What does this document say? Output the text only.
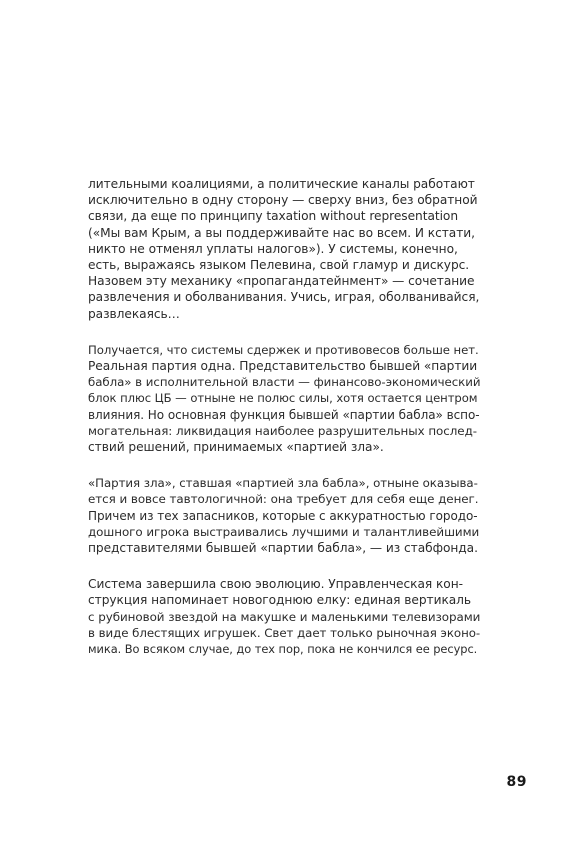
лительными коалициями, а политические каналы работают
исключительно в одну сторону — сверху вниз, без обратной
связи, да еще по принципу taxation without representation
(«Мы вам Крым, а вы поддерживайте нас во всем. И кстати,
никто не отменял уплаты налогов»). У системы, конечно,
есть, выражаясь языком Пелевина, свой гламур и дискурс.
Назовем эту механику «пропагандатейнмент» — сочетание
развлечения и оболванивания. Учись, играя, оболванивайся,
развлекаясь…

Получается, что системы сдержек и противовесов больше нет.
Реальная партия одна. Представительство бывшей «партии
бабла» в исполнительной власти — финансово-экономический
блок плюс ЦБ — отныне не полюс силы, хотя остается центром
влияния. Но основная функция бывшей «партии бабла» вспо-
могательная: ликвидация наиболее разрушительных послед-
ствий решений, принимаемых «партией зла».

«Партия зла», ставшая «партией зла бабла», отныне оказыва-
ется и вовсе тавтологичной: она требует для себя еще денег.
Причем из тех запасников, которые с аккуратностью городо-
дошного игрока выстраивались лучшими и талантливейшими
представителями бывшей «партии бабла», — из стабфонда.

Система завершила свою эволюцию. Управленческая кон-
струкция напоминает новогоднюю елку: единая вертикаль
с рубиновой звездой на макушке и маленькими телевизорами
в виде блестящих игрушек. Свет дает только рыночная эконо-
мика. Во всяком случае, до тех пор, пока не кончился ее ресурс.

89
